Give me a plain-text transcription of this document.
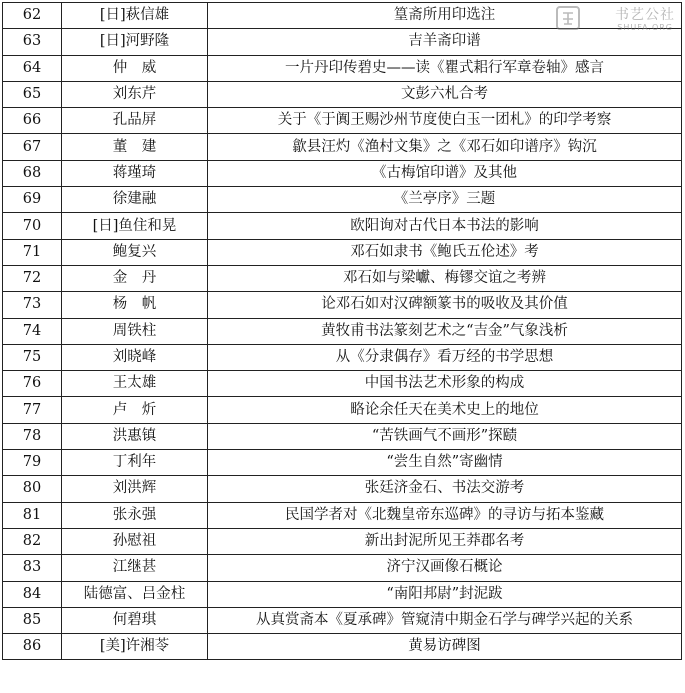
62	[日]萩信雄	篁斋所用印选注
63	[日]河野隆	吉羊斋印谱
64	仲　威	一片丹印传碧史——读《瞿式耜行军章卷轴》感言
65	刘东芹	文彭六札合考
66	孔品屏	关于《于阗王赐沙州节度使白玉一团札》的印学考察
67	董　建	歙县汪灼《渔村文集》之《邓石如印谱序》钩沉
68	蒋瑾琦	《古梅馆印谱》及其他
69	徐建融	《兰亭序》三题
70	[日]鱼住和晃	欧阳询对古代日本书法的影响
71	鲍复兴	邓石如隶书《鲍氏五伦述》考
72	金　丹	邓石如与梁巘、梅镠交谊之考辨
73	杨　帆	论邓石如对汉碑额篆书的吸收及其价值
74	周铁柱	黄牧甫书法篆刻艺术之“吉金”气象浅析
75	刘晓峰	从《分隶偶存》看万经的书学思想
76	王太雄	中国书法艺术形象的构成
77	卢　炘	略论余任天在美术史上的地位
78	洪惠镇	“苦铁画气不画形”探赜
79	丁利年	“尝生自然”寄幽情
80	刘洪辉	张廷济金石、书法交游考
81	张永强	民国学者对《北魏皇帝东巡碑》的寻访与拓本鉴藏
82	孙慰祖	新出封泥所见王莽郡名考
83	江继甚	济宁汉画像石概论
84	陆德富、吕金柱	“南阳邦尉”封泥跋
85	何碧琪	从真赏斋本《夏承碑》管窥清中期金石学与碑学兴起的关系
86	[美]许湘苓	黄易访碑图
书艺公社
SHUFA.ORG
